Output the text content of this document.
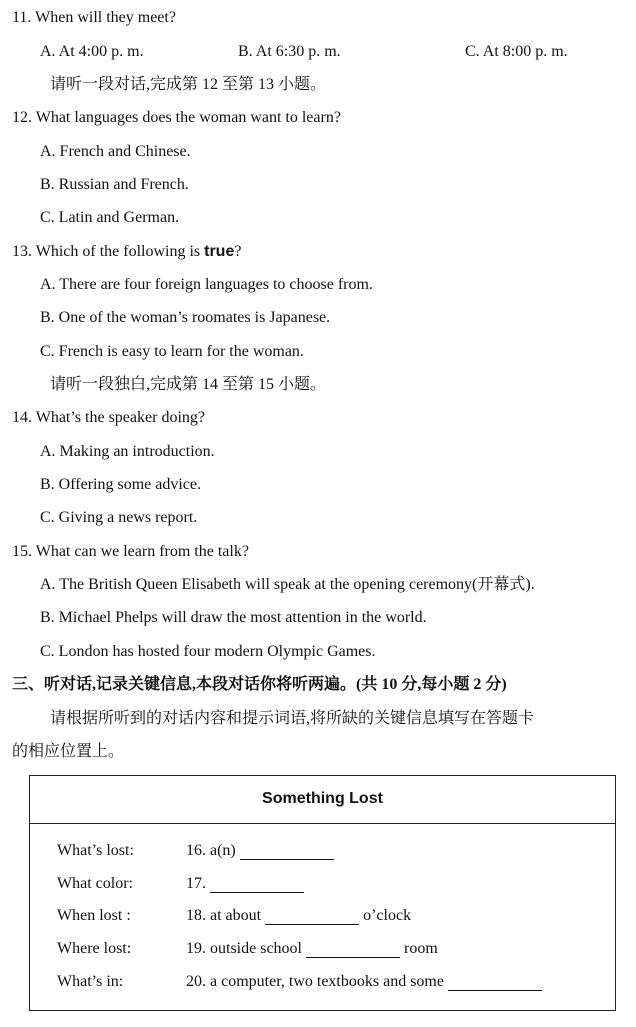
11. When will they meet?
A. At 4:00 p. m.	B. At 6:30 p. m.	C. At 8:00 p. m.
请听一段对话,完成第 12 至第 13 小题。
12. What languages does the woman want to learn?
A. French and Chinese.
B. Russian and French.
C. Latin and German.
13. Which of the following is true?
A. There are four foreign languages to choose from.
B. One of the woman’s roomates is Japanese.
C. French is easy to learn for the woman.
请听一段独白,完成第 14 至第 15 小题。
14. What’s the speaker doing?
A. Making an introduction.
B. Offering some advice.
C. Giving a news report.
15. What can we learn from the talk?
A. The British Queen Elisabeth will speak at the opening ceremony(开幕式).
B. Michael Phelps will draw the most attention in the world.
C. London has hosted four modern Olympic Games.
三、听对话,记录关键信息,本段对话你将听两遍。(共 10 分,每小题 2 分)
请根据所听到的对话内容和提示词语,将所缺的关键信息填写在答题卡
的相应位置上。
Something Lost
What’s lost:	16. a(n)
What color:	17.
When lost :	18. at about	o’clock
Where lost:	19. outside school	room
What’s in:	20. a computer, two textbooks and some
